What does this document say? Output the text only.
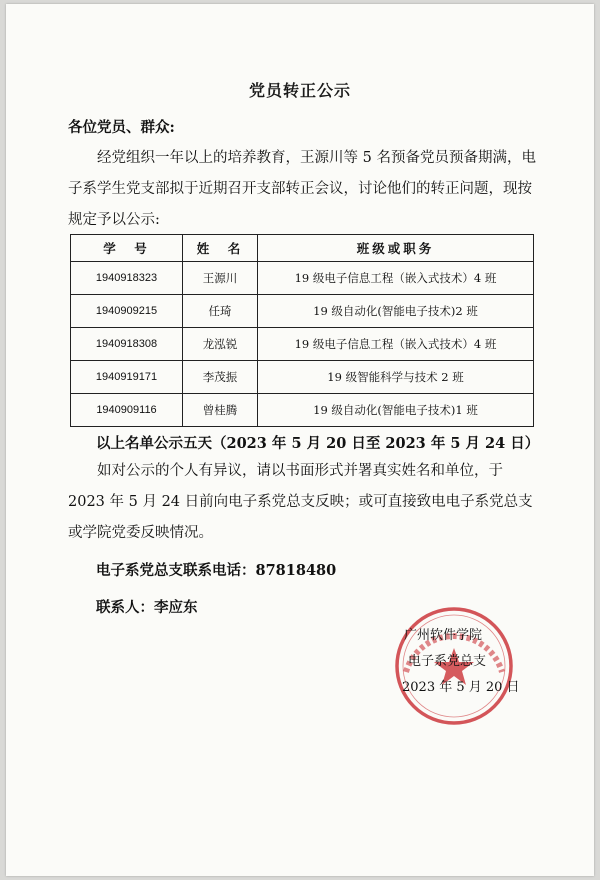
党员转正公示
各位党员、群众:
经党组织一年以上的培养教育，王源川等 5 名预备党员预备期满，电子系学生党支部拟于近期召开支部转正会议，讨论他们的转正问题，现按规定予以公示:
学　号	姓　名	班级或职务
1940918323	王源川	19 级电子信息工程（嵌入式技术）4 班
1940909215	任琦	19 级自动化(智能电子技术)2 班
1940918308	龙泓锐	19 级电子信息工程（嵌入式技术）4 班
1940919171	李茂振	19 级智能科学与技术 2 班
1940909116	曾桂腾	19 级自动化(智能电子技术)1 班
以上名单公示五天（2023 年 5 月 20 日至 2023 年 5 月 24 日）
如对公示的个人有异议，请以书面形式并署真实姓名和单位，于 2023 年 5 月 24 日前向电子系党总支反映；或可直接致电电子系党总支或学院党委反映情况。
电子系党总支联系电话：87818480
联系人：李应东
广州软件学院
电子系党总支
2023 年 5 月 20 日
